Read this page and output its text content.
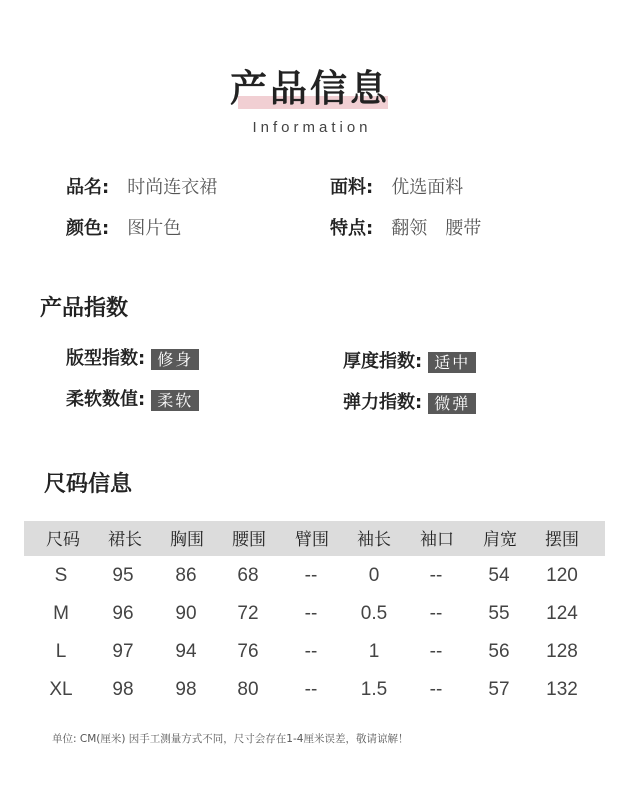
产品信息
Information
品名: 时尚连衣裙	面料: 优选面料
颜色: 图片色	特点: 翻领　腰带
产品指数
版型指数: 修身	厚度指数: 适中
柔软数值: 柔软	弹力指数: 微弹
尺码信息
尺码	裙长	胸围	腰围	臂围	袖长	袖口	肩宽	摆围
S	95	86	68	--	0	--	54	120
M	96	90	72	--	0.5	--	55	124
L	97	94	76	--	1	--	56	128
XL	98	98	80	--	1.5	--	57	132
单位: CM(厘米) 因手工测量方式不同，尺寸会存在1-4厘米误差，敬请谅解！
